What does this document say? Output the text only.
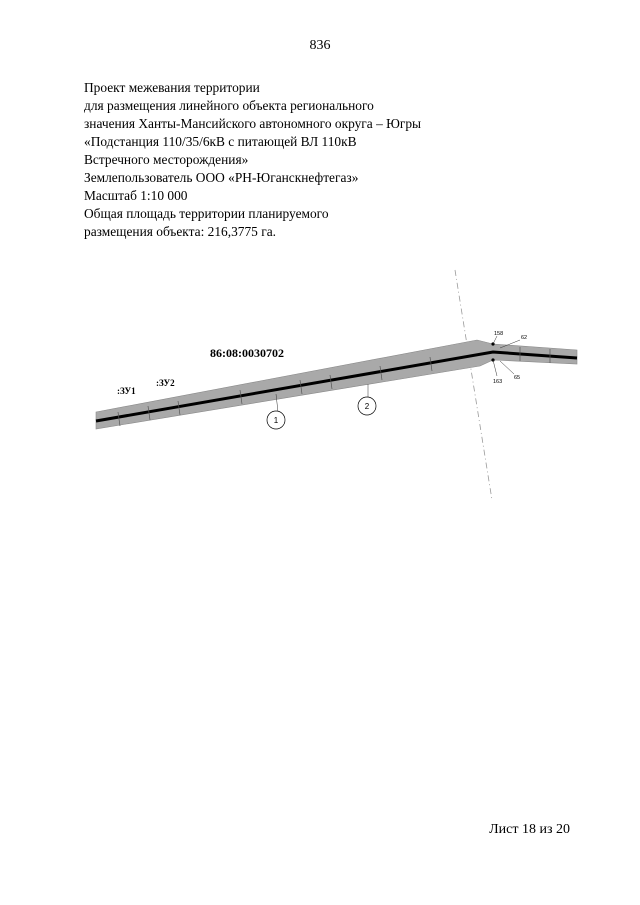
836
Проект межевания территории
для размещения линейного объекта регионального
значения Ханты-Мансийского автономного округа – Югры
«Подстанция 110/35/6кВ с питающей ВЛ 110кВ
Встречного месторождения»
Землепользователь ООО «РН-Юганскнефтегаз»
Масштаб 1:10 000
Общая площадь территории планируемого
размещения объекта: 216,3775 га.
158
62
163
65
86:08:0030702
:ЗУ1
:ЗУ2
1
2
Лист 18 из 20
